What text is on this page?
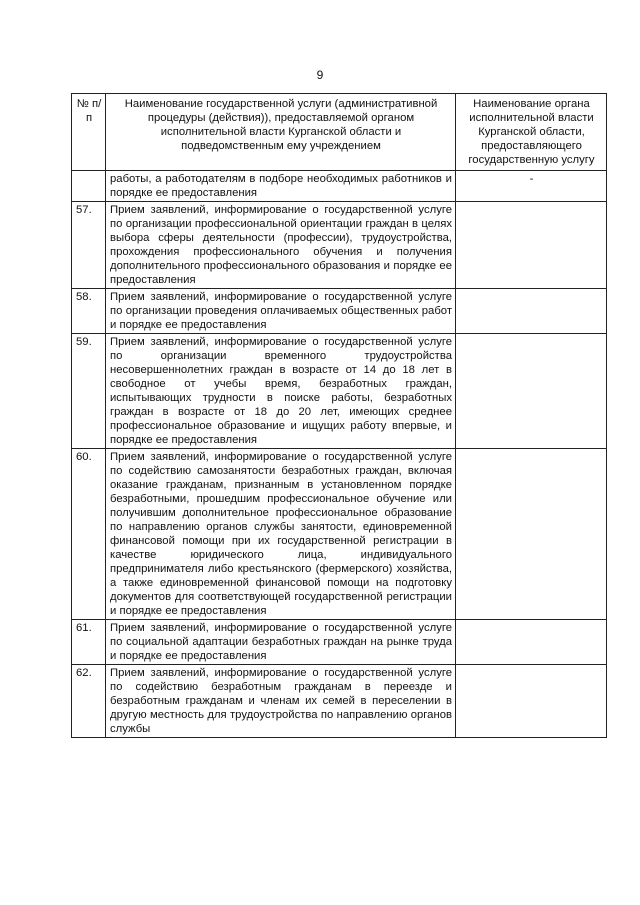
9
№ п/п	Наименование государственной услуги (административной процедуры (действия)), предоставляемой органом исполнительной власти Курганской области и подведомственным ему учреждением	Наименование органа исполнительной власти Курганской области, предоставляющего государственную услугу
	работы, а работодателям в подборе необходимых работников и порядке ее предоставления	-
57.	Прием заявлений, информирование о государственной услуге по организации профессиональной ориентации граждан в целях выбора сферы деятельности (профессии), трудоустройства, прохождения профессионального обучения и получения дополнительного профессионального образования и порядке ее предоставления	
58.	Прием заявлений, информирование о государственной услуге по организации проведения оплачиваемых общественных работ и порядке ее предоставления	
59.	Прием заявлений, информирование о государственной услуге по организации временного трудоустройства несовершеннолетних граждан в возрасте от 14 до 18 лет в свободное от учебы время, безработных граждан, испытывающих трудности в поиске работы, безработных граждан в возрасте от 18 до 20 лет, имеющих среднее профессиональное образование и ищущих работу впервые, и порядке ее предоставления	
60.	Прием заявлений, информирование о государственной услуге по содействию самозанятости безработных граждан, включая оказание гражданам, признанным в установленном порядке безработными, прошедшим профессиональное обучение или получившим дополнительное профессиональное образование по направлению органов службы занятости, единовременной финансовой помощи при их государственной регистрации в качестве юридического лица, индивидуального предпринимателя либо крестьянского (фермерского) хозяйства, а также единовременной финансовой помощи на подготовку документов для соответствующей государственной регистрации и порядке ее предоставления	
61.	Прием заявлений, информирование о государственной услуге по социальной адаптации безработных граждан на рынке труда и порядке ее предоставления	
62.	Прием заявлений, информирование о государственной услуге по содействию безработным гражданам в переезде и безработным гражданам и членам их семей в переселении в другую местность для трудоустройства по направлению органов службы	
